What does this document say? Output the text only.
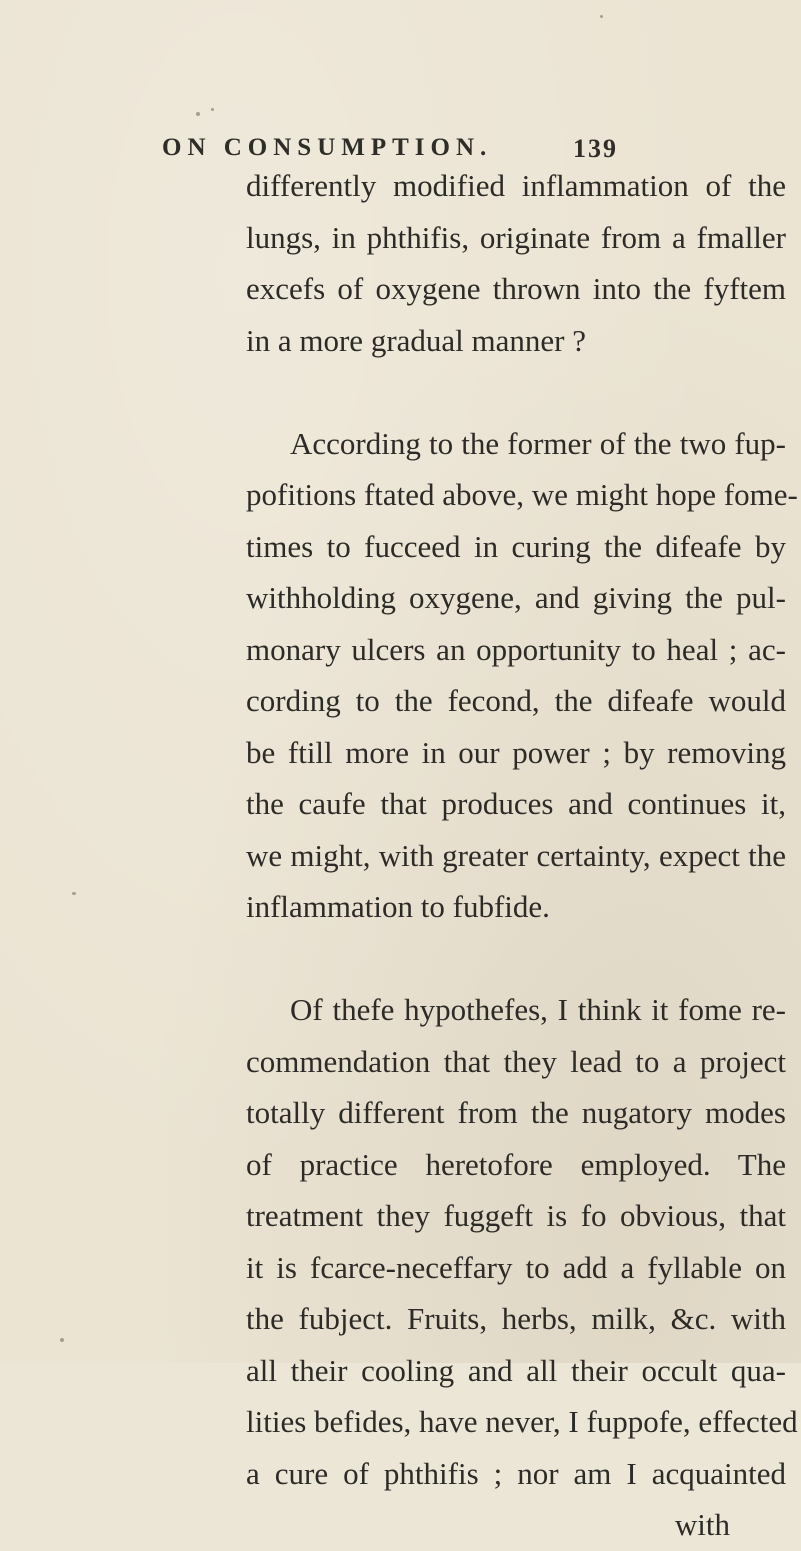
ON CONSUMPTION.	139
differently modified inflammation of the
lungs, in phthifis, originate from a fmaller
excefs of oxygene thrown into the fyftem
in a more gradual manner ?
According to the former of the two fup-
pofitions ftated above, we might hope fome-
times to fucceed in curing the difeafe by
withholding oxygene, and giving the pul-
monary ulcers an opportunity to heal ; ac-
cording to the fecond, the difeafe would
be ftill more in our power ; by removing
the caufe that produces and continues it,
we might, with greater certainty, expect the
inflammation to fubfide.
Of thefe hypothefes, I think it fome re-
commendation that they lead to a project
totally different from the nugatory modes
of practice heretofore employed. The
treatment they fuggeft is fo obvious, that
it is fcarce-neceffary to add a fyllable on
the fubject. Fruits, herbs, milk, &c. with
all their cooling and all their occult qua-
lities befides, have never, I fuppofe, effected
a cure of phthifis ; nor am I acquainted
with
